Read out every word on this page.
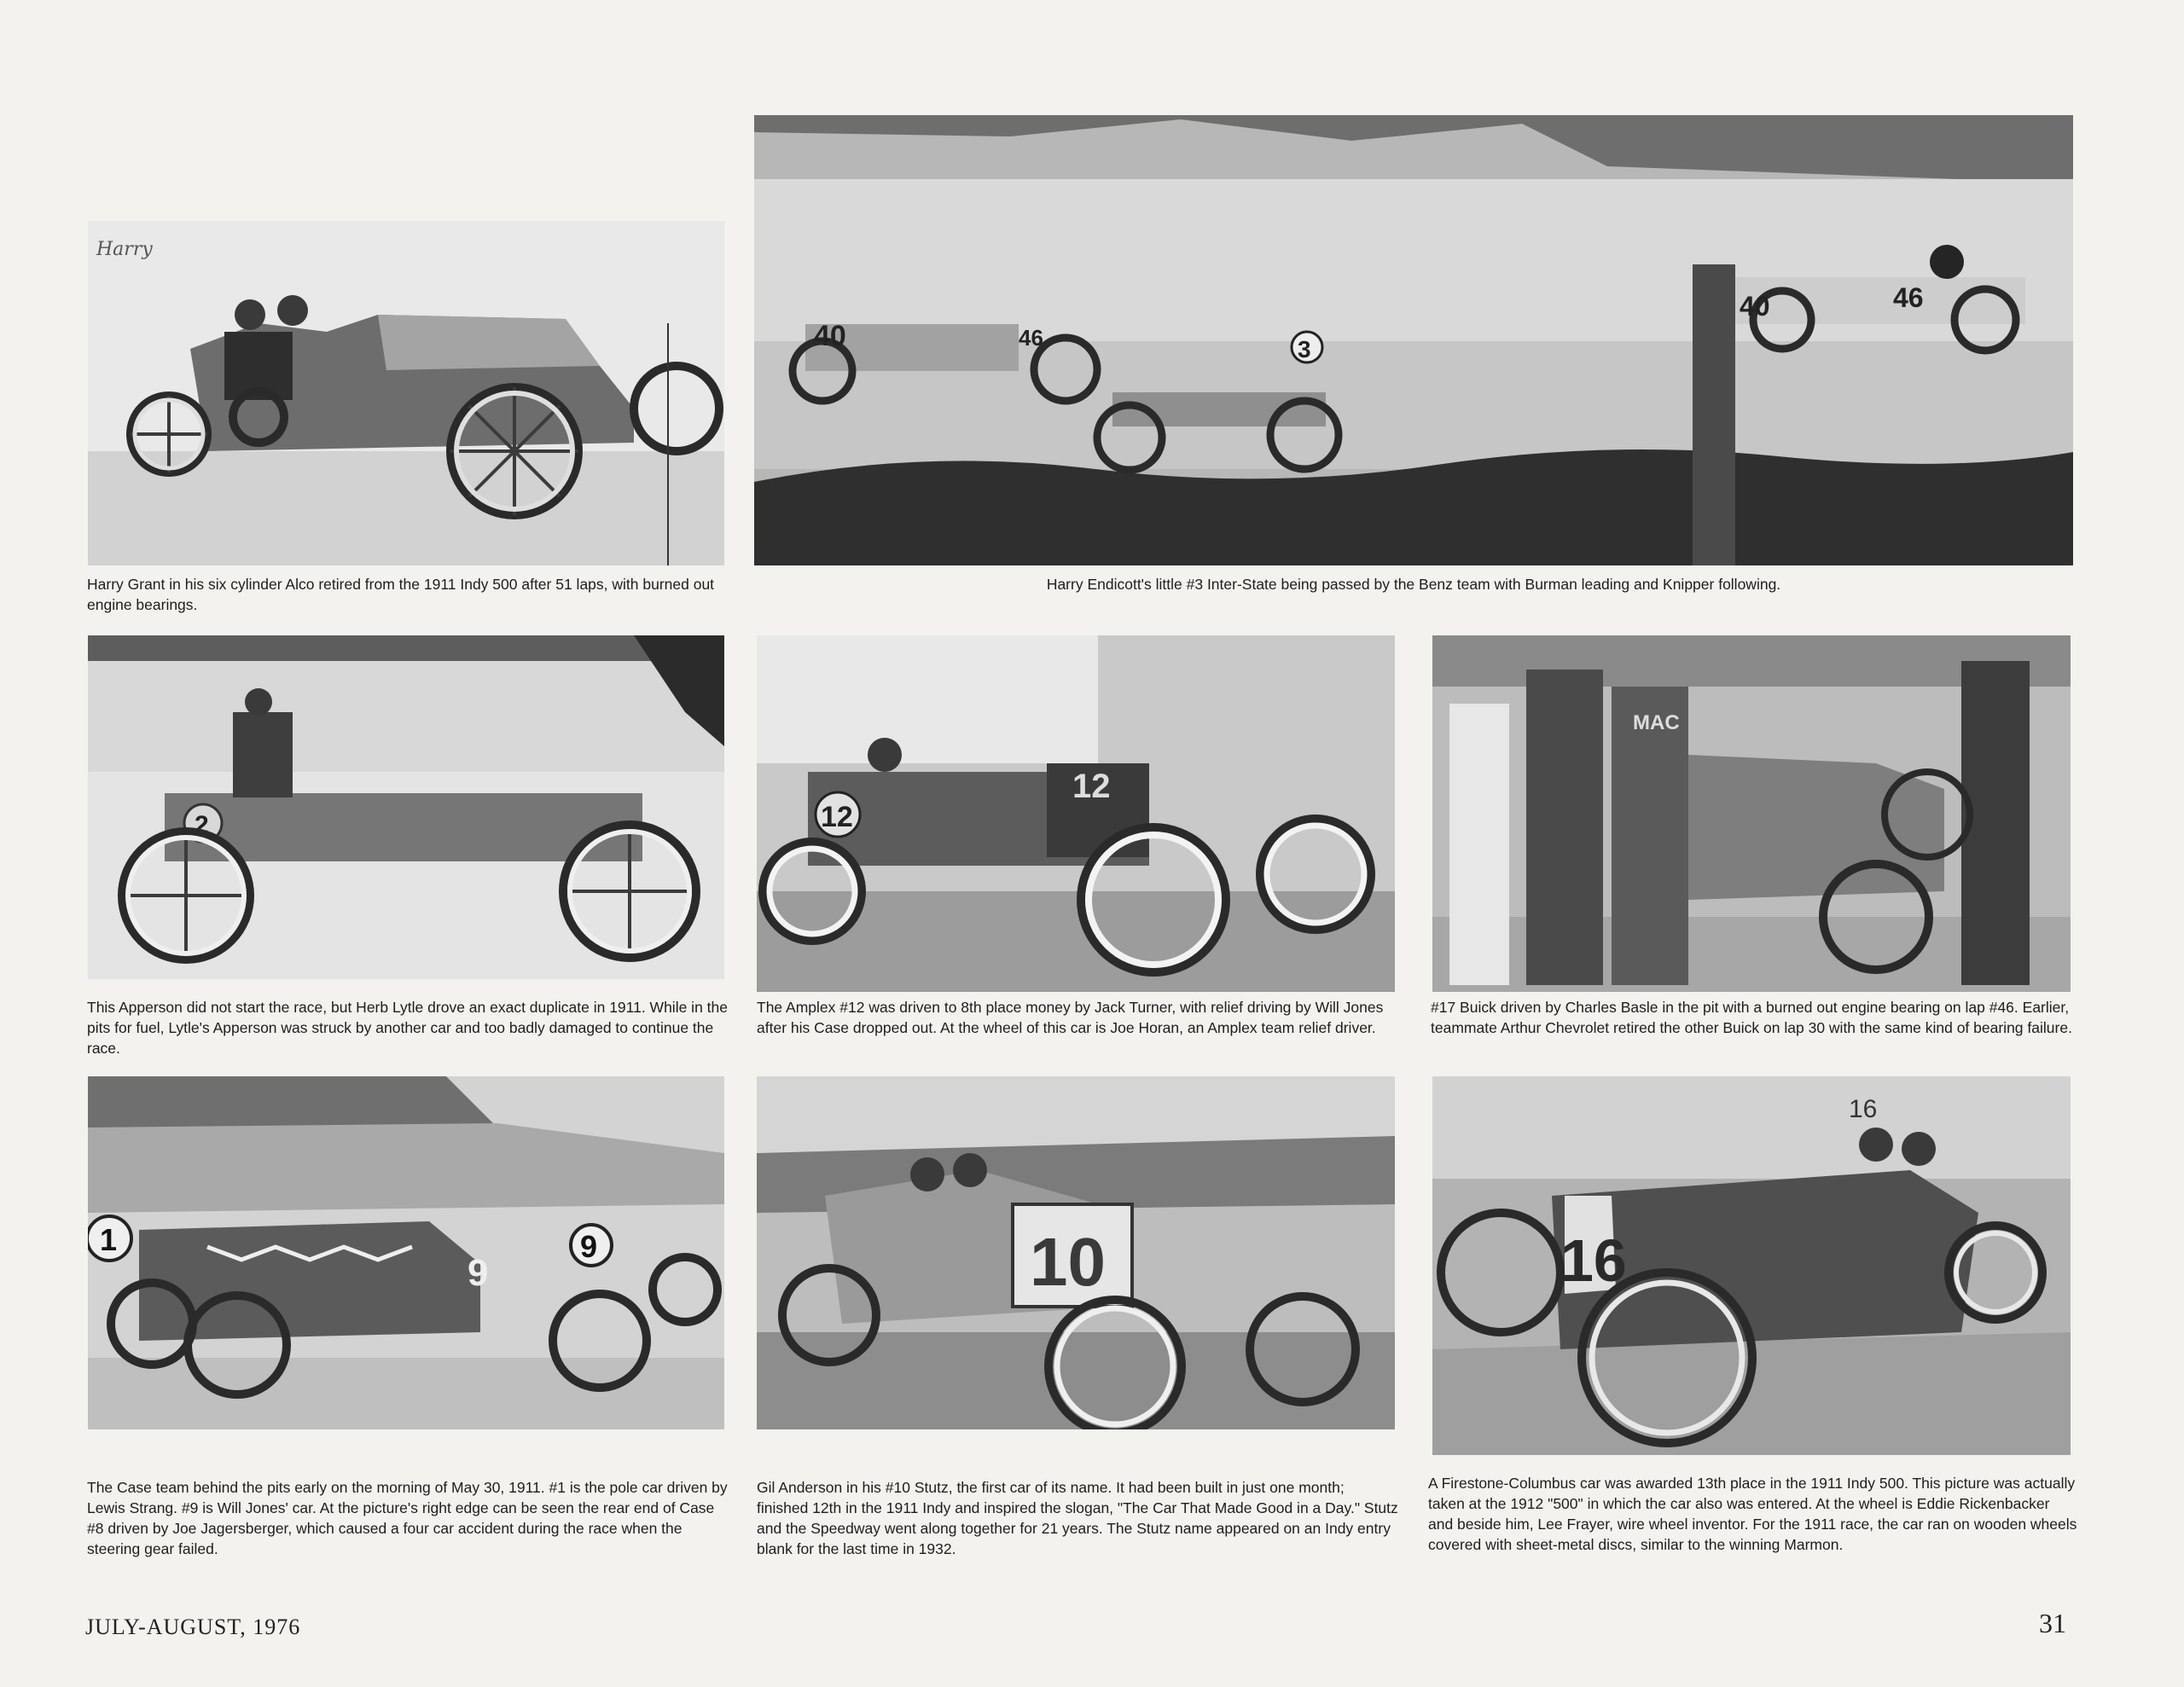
Harry

Harry Grant in his six cylinder Alco retired from the 1911 Indy 500 after 51 laps, with burned out engine bearings.

40	46	3
40	46

Harry Endicott's little #3 Inter-State being passed by the Benz team with Burman leading and Knipper following.

2

This Apperson did not start the race, but Herb Lytle drove an exact duplicate in 1911. While in the pits for fuel, Lytle's Apperson was struck by another car and too badly damaged to continue the race.

12
12

The Amplex #12 was driven to 8th place money by Jack Turner, with relief driving by Will Jones after his Case dropped out. At the wheel of this car is Joe Horan, an Amplex team relief driver.

MAC

#17 Buick driven by Charles Basle in the pit with a burned out engine bearing on lap #46. Earlier, teammate Arthur Chevrolet retired the other Buick on lap 30 with the same kind of bearing failure.

1	9
9

The Case team behind the pits early on the morning of May 30, 1911. #1 is the pole car driven by Lewis Strang. #9 is Will Jones' car. At the picture's right edge can be seen the rear end of Case #8 driven by Joe Jagersberger, which caused a four car accident during the race when the steering gear failed.

10

Gil Anderson in his #10 Stutz, the first car of its name. It had been built in just one month; finished 12th in the 1911 Indy and inspired the slogan, "The Car That Made Good in a Day." Stutz and the Speedway went along together for 21 years. The Stutz name appeared on an Indy entry blank for the last time in 1932.

16
16

A Firestone-Columbus car was awarded 13th place in the 1911 Indy 500. This picture was actually taken at the 1912 "500" in which the car also was entered. At the wheel is Eddie Rickenbacker and beside him, Lee Frayer, wire wheel inventor. For the 1911 race, the car ran on wooden wheels covered with sheet-metal discs, similar to the winning Marmon.

JULY-AUGUST, 1976	31
